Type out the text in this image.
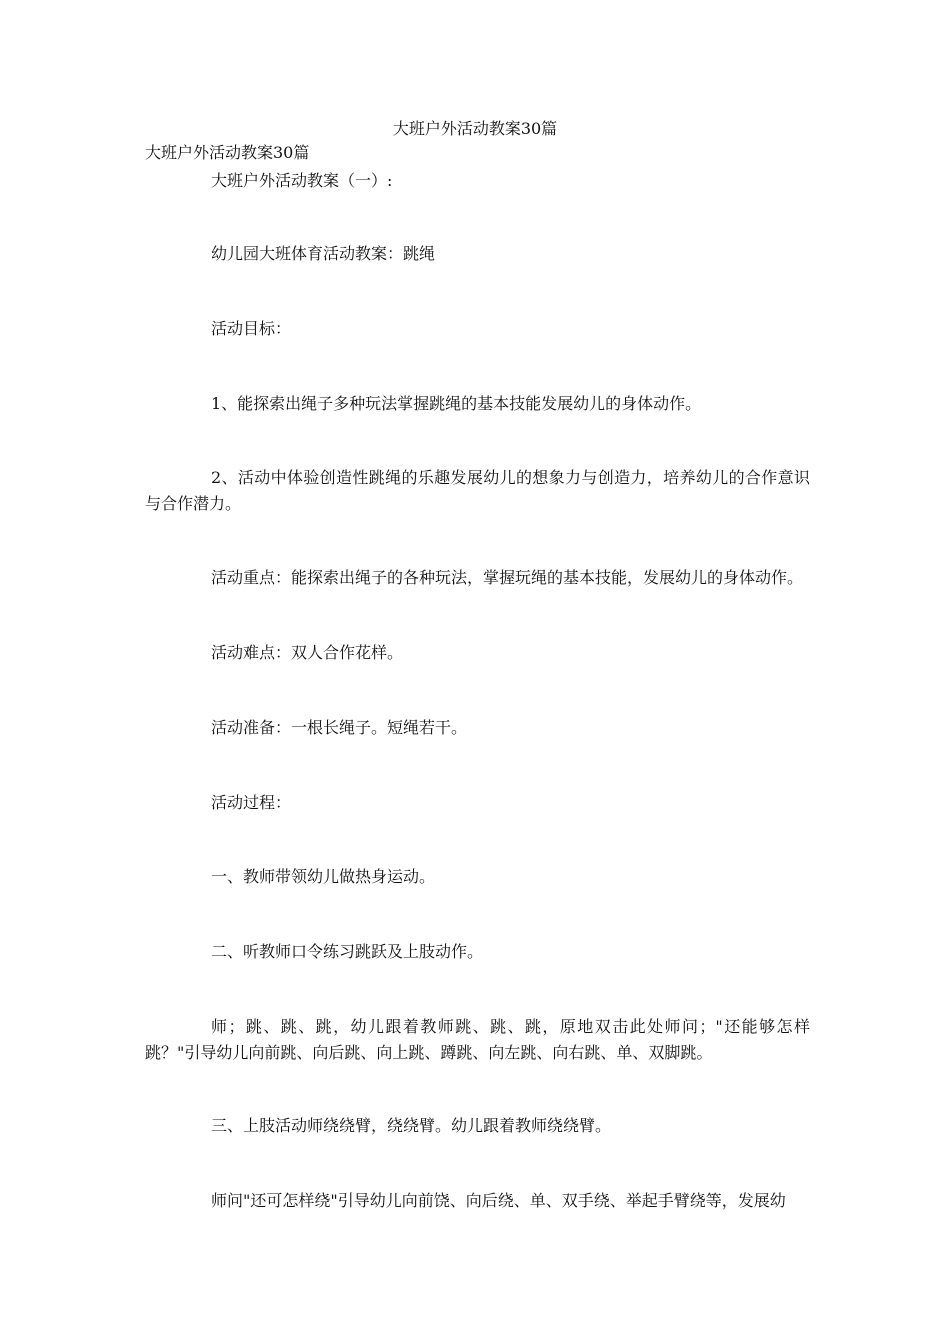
大班户外活动教案30篇
大班户外活动教案30篇

大班户外活动教案（一）:

幼儿园大班体育活动教案：跳绳

活动目标：

1、能探索出绳子多种玩法掌握跳绳的基本技能发展幼儿的身体动作。

2、活动中体验创造性跳绳的乐趣发展幼儿的想象力与创造力，培养幼儿的合作意识与合作潜力。

活动重点：能探索出绳子的各种玩法，掌握玩绳的基本技能，发展幼儿的身体动作。

活动难点：双人合作花样。

活动准备：一根长绳子。短绳若干。

活动过程：

一、教师带领幼儿做热身运动。

二、听教师口令练习跳跃及上肢动作。

师；跳、跳、跳，幼儿跟着教师跳、跳、跳，原地双击此处师问；"还能够怎样跳？"引导幼儿向前跳、向后跳、向上跳、蹲跳、向左跳、向右跳、单、双脚跳。

三、上肢活动师绕绕臂，绕绕臂。幼儿跟着教师绕绕臂。

师问"还可怎样绕"引导幼儿向前饶、向后绕、单、双手绕、举起手臂绕等，发展幼
